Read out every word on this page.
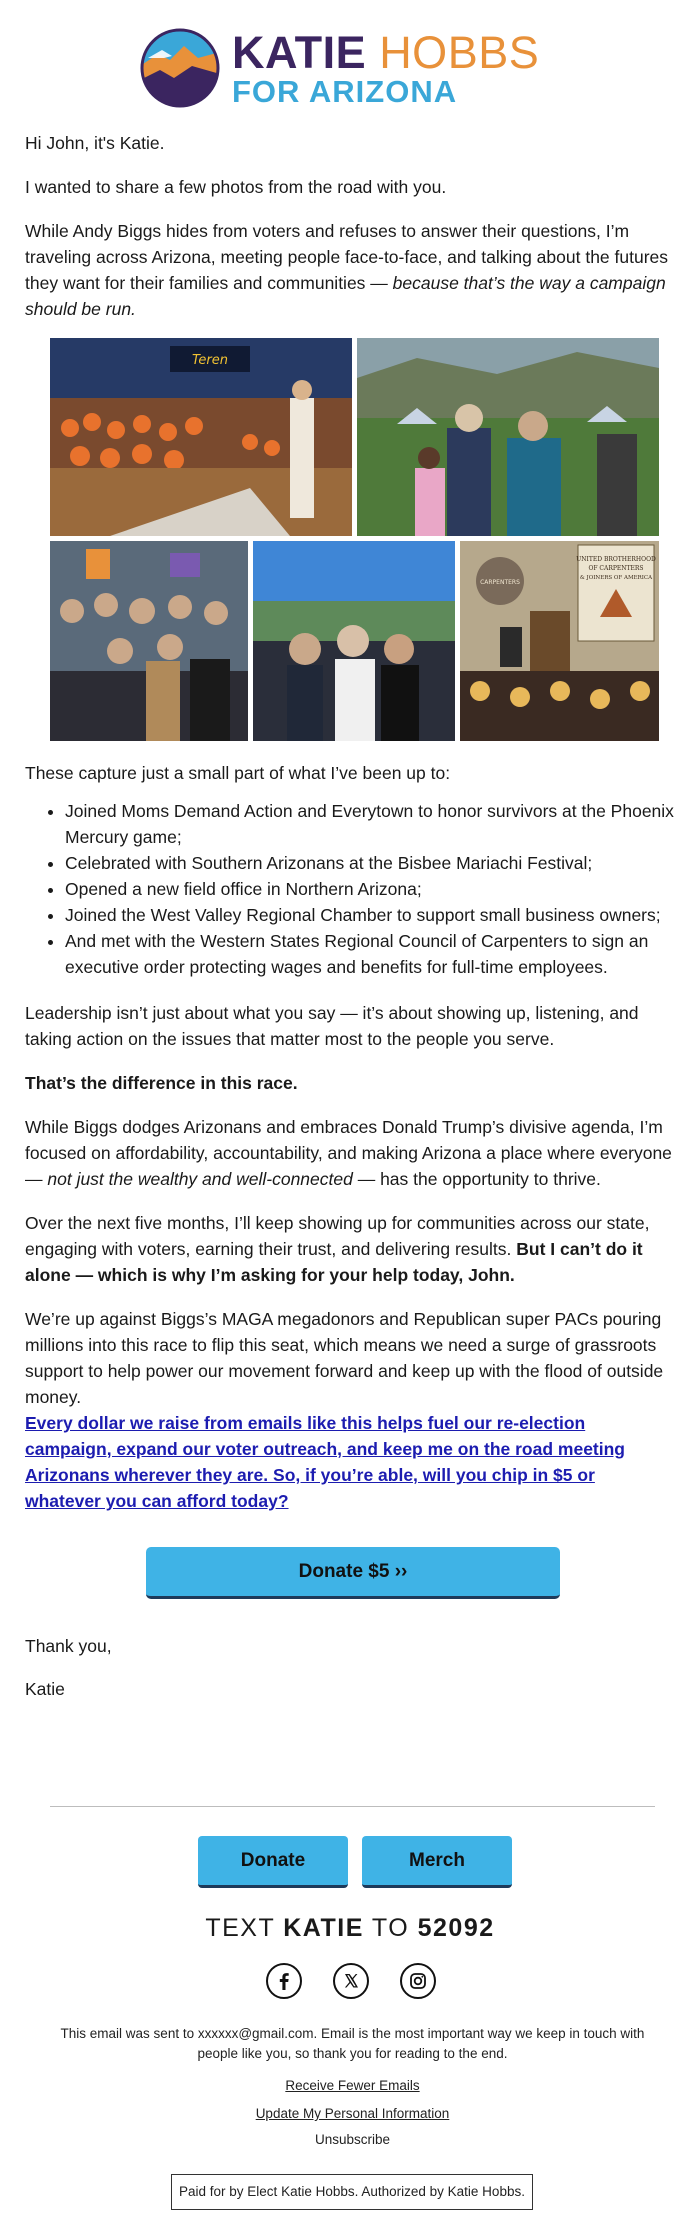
KATIE HOBBS
FOR ARIZONA

Hi John, it's Katie.

I wanted to share a few photos from the road with you.

While Andy Biggs hides from voters and refuses to answer their questions, I’m traveling across Arizona, meeting people face-to-face, and talking about the futures they want for their families and communities — because that’s the way a campaign should be run.

Teren
UNITED BROTHERHOOD
OF CARPENTERS
& JOINERS OF AMERICA
CARPENTERS

These capture just a small part of what I’ve been up to:

• Joined Moms Demand Action and Everytown to honor survivors at the Phoenix Mercury game;
• Celebrated with Southern Arizonans at the Bisbee Mariachi Festival;
• Opened a new field office in Northern Arizona;
• Joined the West Valley Regional Chamber to support small business owners;
• And met with the Western States Regional Council of Carpenters to sign an executive order protecting wages and benefits for full-time employees.

Leadership isn’t just about what you say — it’s about showing up, listening, and taking action on the issues that matter most to the people you serve.

That’s the difference in this race.

While Biggs dodges Arizonans and embraces Donald Trump’s divisive agenda, I’m focused on affordability, accountability, and making Arizona a place where everyone — not just the wealthy and well-connected — has the opportunity to thrive.

Over the next five months, I’ll keep showing up for communities across our state, engaging with voters, earning their trust, and delivering results. But I can’t do it alone — which is why I’m asking for your help today, John.

We’re up against Biggs’s MAGA megadonors and Republican super PACs pouring millions into this race to flip this seat, which means we need a surge of grassroots support to help power our movement forward and keep up with the flood of outside money.

Every dollar we raise from emails like this helps fuel our re-election campaign, expand our voter outreach, and keep me on the road meeting Arizonans wherever they are. So, if you’re able, will you chip in $5 or whatever you can afford today?
Donate $5 ››

Thank you,

Katie

Donate	Merch
TEXT KATIE TO 52092
This email was sent to xxxxxx@gmail.com. Email is the most important way we keep in touch with people like you, so thank you for reading to the end.
Receive Fewer Emails
Update My Personal Information
Unsubscribe
Paid for by Elect Katie Hobbs. Authorized by Katie Hobbs.
